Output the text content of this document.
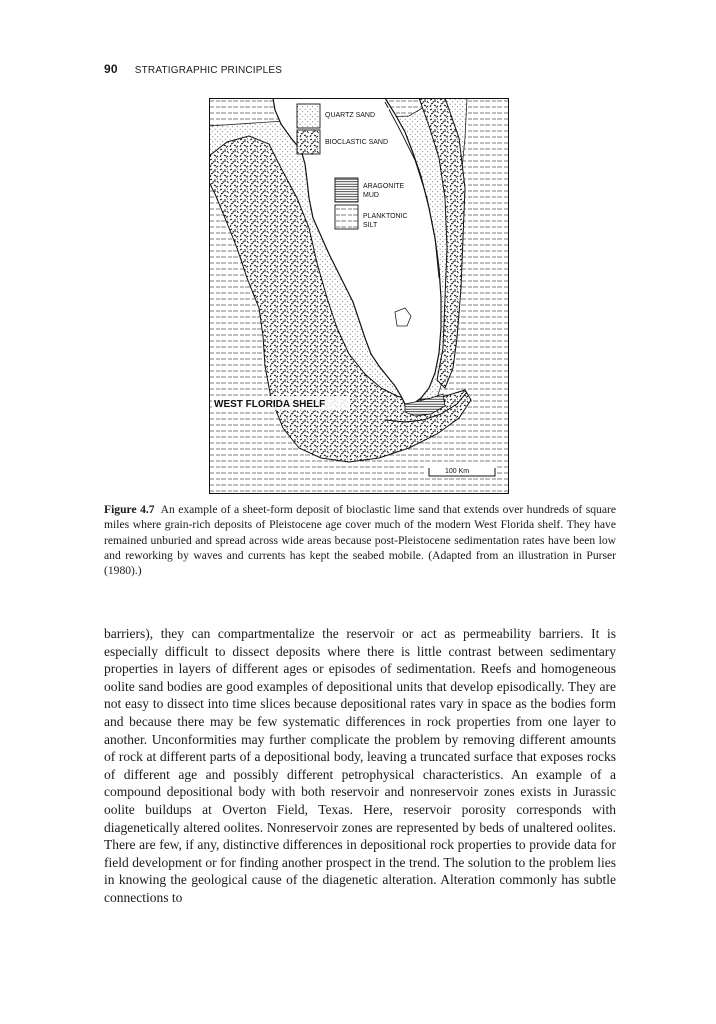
90 STRATIGRAPHIC PRINCIPLES
QUARTZ SAND
BIOCLASTIC SAND
ARAGONITE
MUD
PLANKTONIC
SILT
WEST FLORIDA SHELF
100 Km

Figure 4.7 An example of a sheet-form deposit of bioclastic lime sand that extends over hundreds of square miles where grain-rich deposits of Pleistocene age cover much of the modern West Florida shelf. They have remained unburied and spread across wide areas because post-Pleistocene sedimentation rates have been low and reworking by waves and currents has kept the seabed mobile. (Adapted from an illustration in Purser (1980).)

barriers), they can compartmentalize the reservoir or act as permeability barriers. It is especially difficult to dissect deposits where there is little contrast between sedimentary properties in layers of different ages or episodes of sedimentation. Reefs and homogeneous oolite sand bodies are good examples of depositional units that develop episodically. They are not easy to dissect into time slices because depositional rates vary in space as the bodies form and because there may be few systematic differences in rock properties from one layer to another. Unconformities may further complicate the problem by removing different amounts of rock at different parts of a depositional body, leaving a truncated surface that exposes rocks of different age and possibly different petrophysical characteristics. An example of a compound depositional body with both reservoir and nonreservoir zones exists in Jurassic oolite buildups at Overton Field, Texas. Here, reservoir porosity corresponds with diagenetically altered oolites. Nonreservoir zones are represented by beds of unaltered oolites. There are few, if any, distinctive differences in depositional rock properties to provide data for field development or for finding another prospect in the trend. The solution to the problem lies in knowing the geological cause of the diagenetic alteration. Alteration commonly has subtle connections to
